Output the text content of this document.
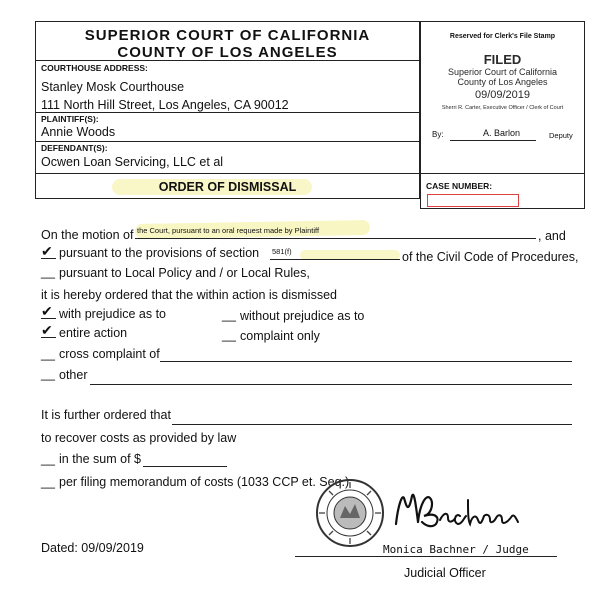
SUPERIOR COURT OF CALIFORNIA
COUNTY OF LOS ANGELES
Reserved for Clerk's File Stamp
COURTHOUSE ADDRESS:
Stanley Mosk Courthouse
111 North Hill Street, Los Angeles, CA 90012
PLAINTIFF(S):
Annie Woods
DEFENDANT(S):
Ocwen Loan Servicing, LLC et al
ORDER OF DISMISSAL
FILED
Superior Court of California
County of Los Angeles
09/09/2019
Sherri R. Carter, Executive Officer / Clerk of Court
By:	A. Barlon	Deputy
CASE NUMBER:
On the motion of the Court, pursuant to an oral request made by Plaintiff	, and
✔ pursuant to the provisions of section 581(f)	of the Civil Code of Procedures,
__ pursuant to Local Policy and / or Local Rules,
it is hereby ordered that the within action is dismissed
✔ with prejudice as to	__ without prejudice as to
✔ entire action	__ complaint only
__ cross complaint of
__ other
It is further ordered that
to recover costs as provided by law
__ in the sum of $
__ per filing memorandum of costs (1033 CCP et. Seq.)
Dated: 09/09/2019	Monica Bachner / Judge
Judicial Officer
